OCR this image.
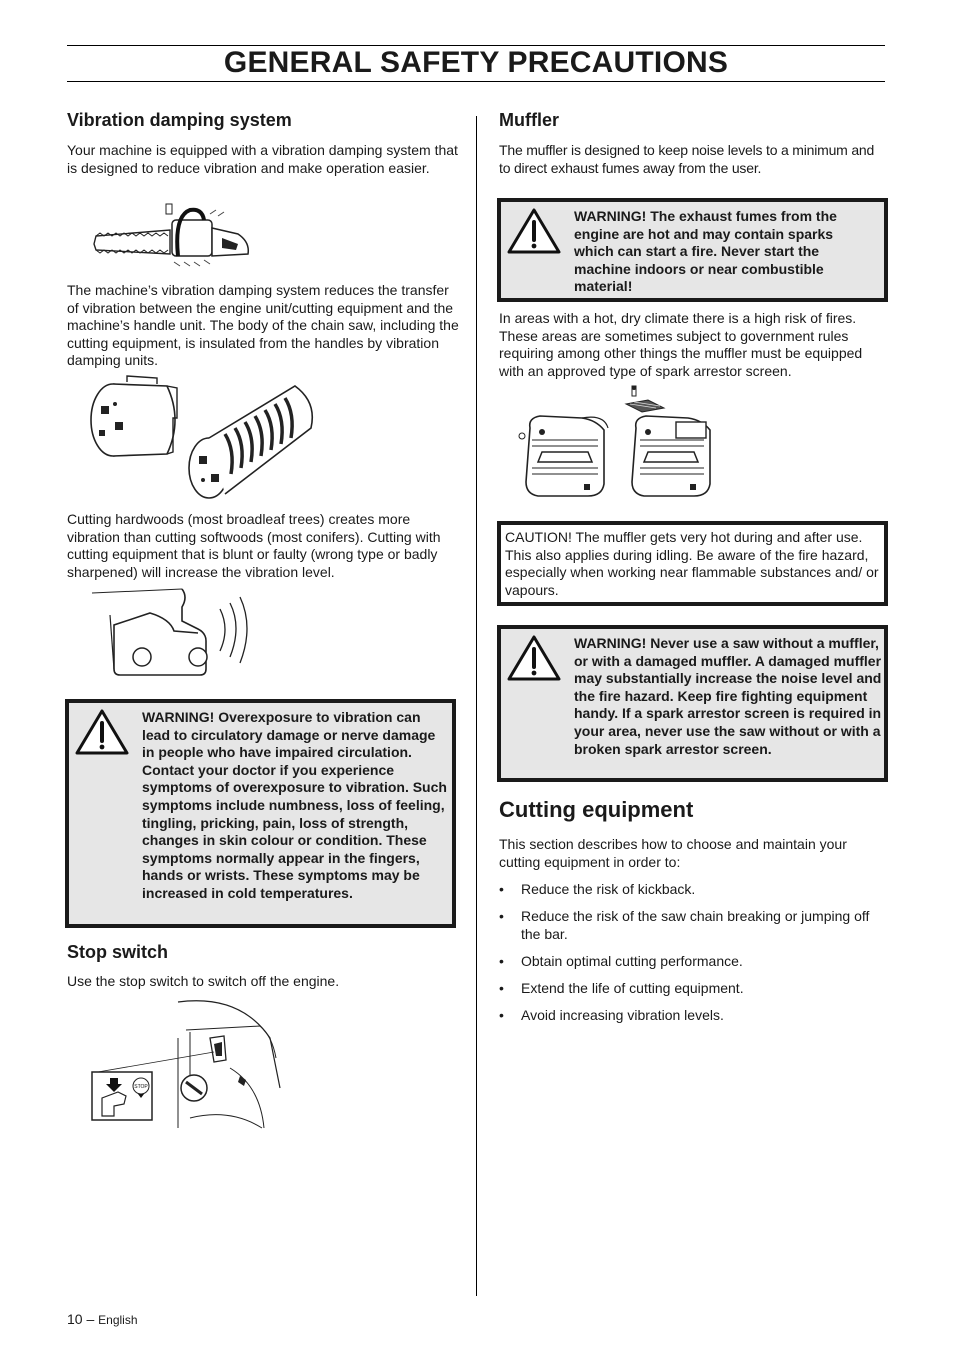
GENERAL SAFETY PRECAUTIONS
Vibration damping system

Your machine is equipped with a vibration damping system that is designed to reduce vibration and make operation easier.

The machine’s vibration damping system reduces the transfer of vibration between the engine unit/cutting equipment and the machine’s handle unit. The body of the chain saw, including the cutting equipment, is insulated from the handles by vibration damping units.

Cutting hardwoods (most broadleaf trees) creates more vibration than cutting softwoods (most conifers). Cutting with cutting equipment that is blunt or faulty (wrong type or badly sharpened) will increase the vibration level.

WARNING! Overexposure to vibration can lead to circulatory damage or nerve damage in people who have impaired circulation. Contact your doctor if you experience symptoms of overexposure to vibration. Such symptoms include numbness, loss of feeling, tingling, pricking, pain, loss of strength, changes in skin colour or condition. These symptoms normally appear in the fingers, hands or wrists. These symptoms may be increased in cold temperatures.

Stop switch

Use the stop switch to switch off the engine.

STOP
Muffler

The muffler is designed to keep noise levels to a minimum and to direct exhaust fumes away from the user.

WARNING! The exhaust fumes from the engine are hot and may contain sparks which can start a fire. Never start the machine indoors or near combustible material!

In areas with a hot, dry climate there is a high risk of fires. These areas are sometimes subject to government rules requiring among other things the muffler must be equipped with an approved type of spark arrestor screen.

CAUTION! The muffler gets very hot during and after use. This also applies during idling. Be aware of the fire hazard, especially when working near flammable substances and/ or vapours.

WARNING! Never use a saw without a muffler, or with a damaged muffler. A damaged muffler may substantially increase the noise level and the fire hazard. Keep fire fighting equipment handy. If a spark arrestor screen is required in your area, never use the saw without or with a broken spark arrestor screen.

Cutting equipment

This section describes how to choose and maintain your cutting equipment in order to:

• Reduce the risk of kickback.
• Reduce the risk of the saw chain breaking or jumping off the bar.
• Obtain optimal cutting performance.
• Extend the life of cutting equipment.
• Avoid increasing vibration levels.
10 – English
